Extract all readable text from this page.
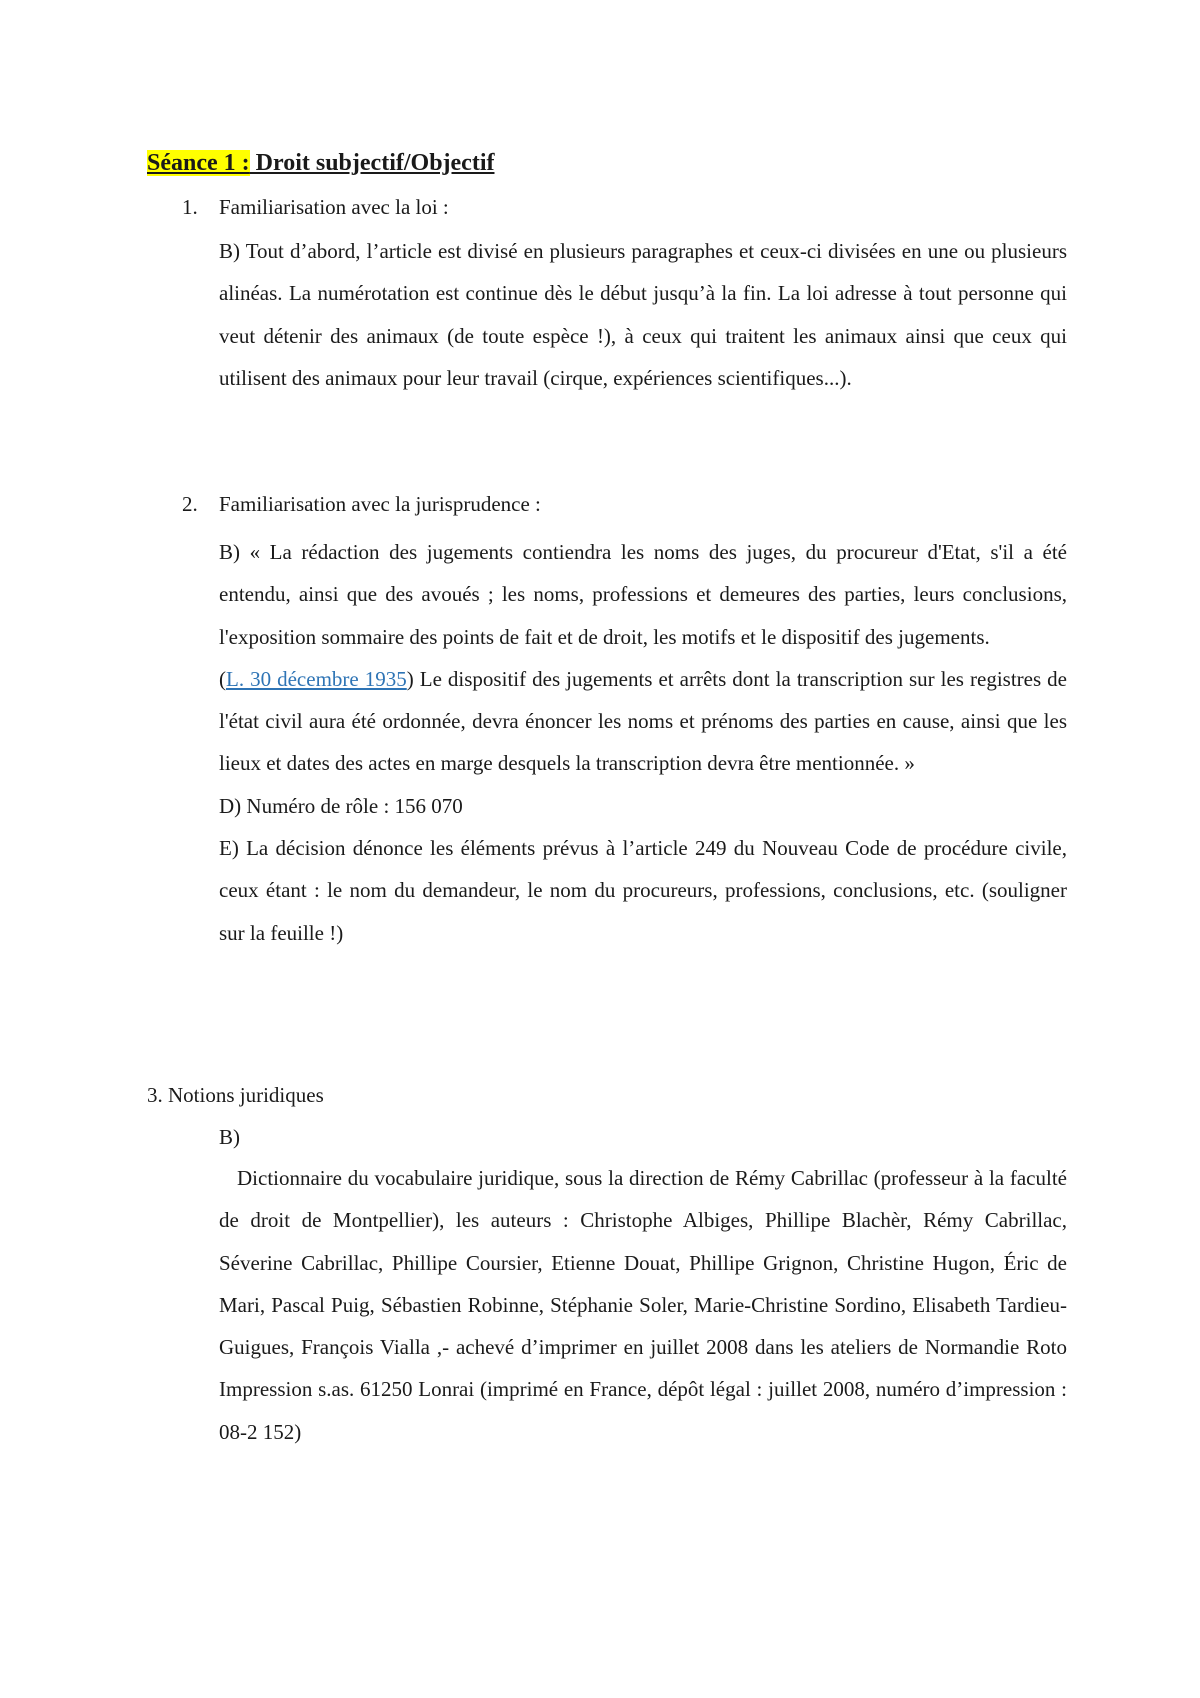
Séance 1 : Droit subjectif/Objectif
1. Familiarisation avec la loi :

B) Tout d’abord, l’article est divisé en plusieurs paragraphes et ceux-ci divisées en une ou plusieurs alinéas. La numérotation est continue dès le début jusqu’à la fin. La loi adresse à tout personne qui veut détenir des animaux (de toute espèce !), à ceux qui traitent les animaux ainsi que ceux qui utilisent des animaux pour leur travail (cirque, expériences scientifiques...).

2. Familiarisation avec la jurisprudence :

B) « La rédaction des jugements contiendra les noms des juges, du procureur d'Etat, s'il a été entendu, ainsi que des avoués ; les noms, professions et demeures des parties, leurs conclusions, l'exposition sommaire des points de fait et de droit, les motifs et le dispositif des jugements.

(L. 30 décembre 1935) Le dispositif des jugements et arrêts dont la transcription sur les registres de l'état civil aura été ordonnée, devra énoncer les noms et prénoms des parties en cause, ainsi que les lieux et dates des actes en marge desquels la transcription devra être mentionnée. »

D) Numéro de rôle : 156 070

E) La décision dénonce les éléments prévus à l’article 249 du Nouveau Code de procédure civile, ceux étant : le nom du demandeur, le nom du procureurs, professions, conclusions, etc. (souligner sur la feuille !)

3. Notions juridiques
B)

Dictionnaire du vocabulaire juridique, sous la direction de Rémy Cabrillac (professeur à la faculté de droit de Montpellier), les auteurs : Christophe Albiges, Phillipe Blachèr, Rémy Cabrillac, Séverine Cabrillac, Phillipe Coursier, Etienne Douat, Phillipe Grignon, Christine Hugon, Éric de Mari, Pascal Puig, Sébastien Robinne, Stéphanie Soler, Marie-Christine Sordino, Elisabeth Tardieu-Guigues, François Vialla ,- achevé d’imprimer en juillet 2008 dans les ateliers de Normandie Roto Impression s.as. 61250 Lonrai (imprimé en France, dépôt légal : juillet 2008, numéro d’impression : 08-2 152)
